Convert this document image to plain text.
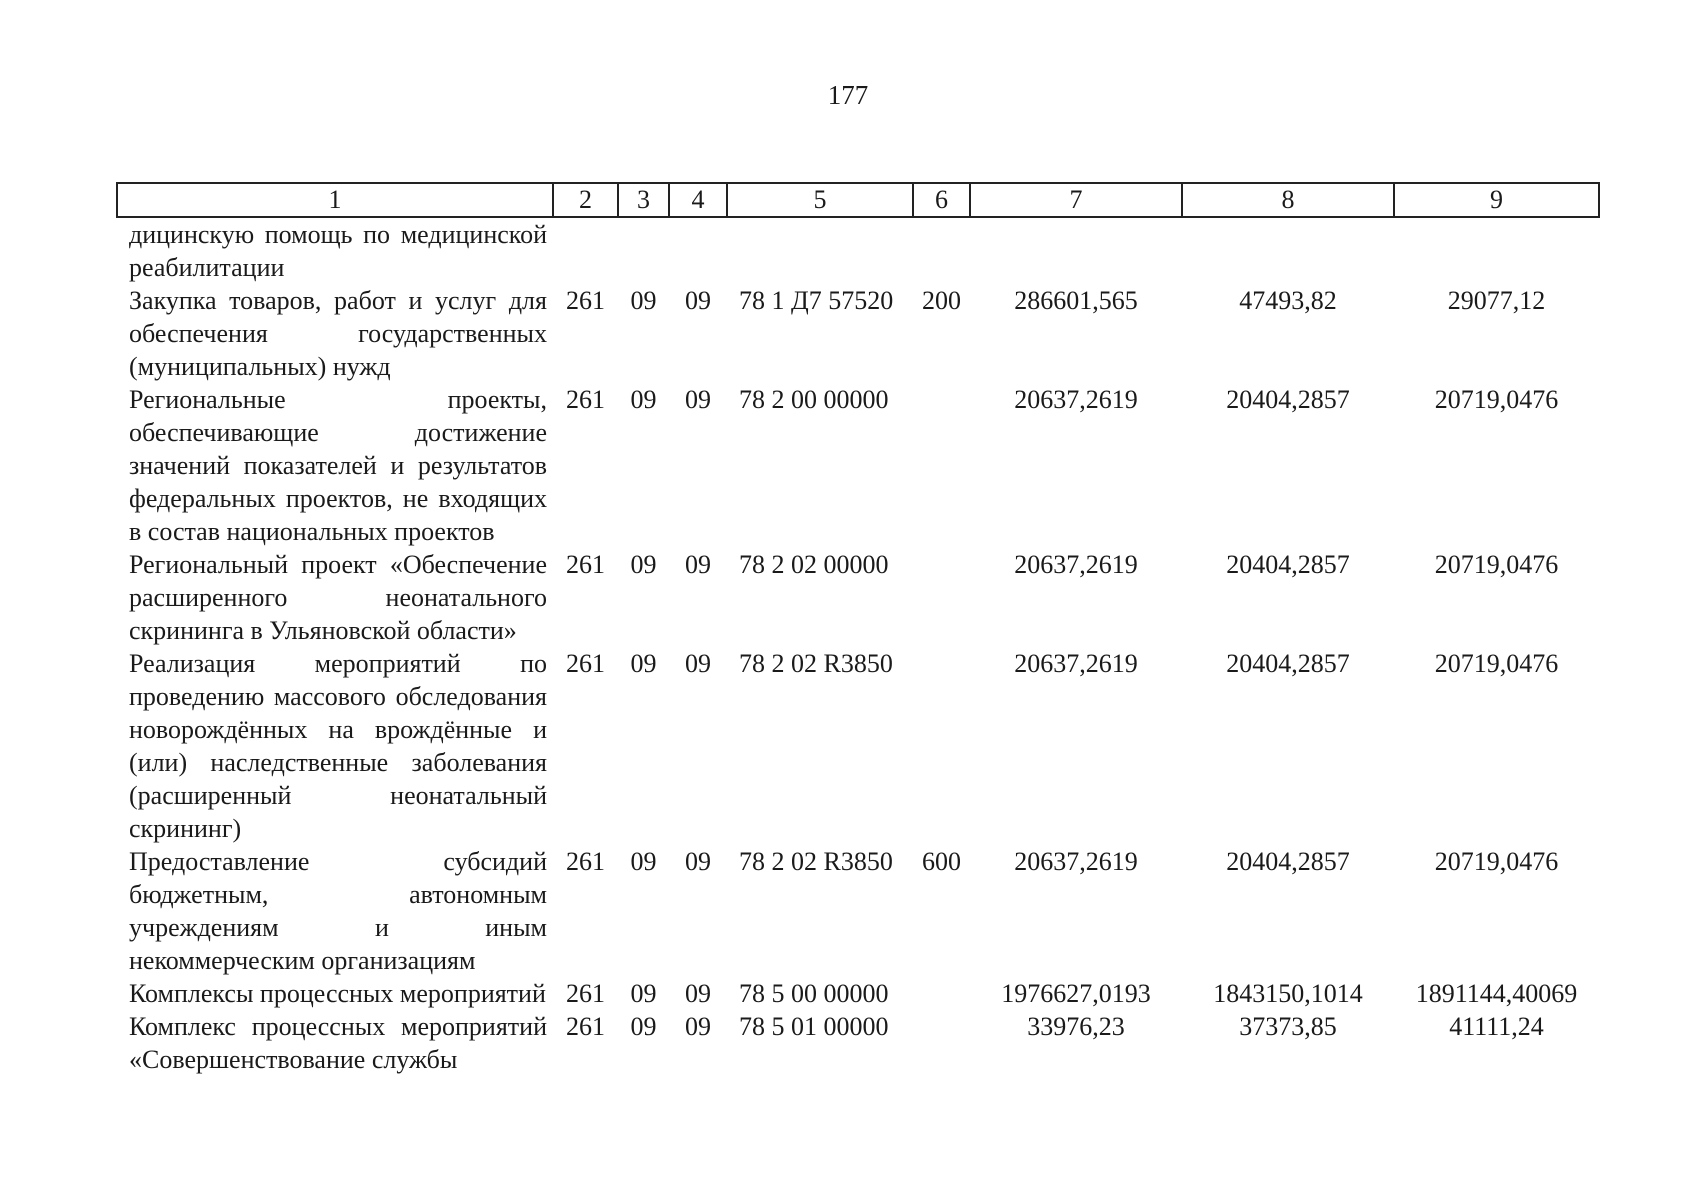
177
1	2	3	4	5	6	7	8	9
дицинскую помощь по медицинской реабилитации								
Закупка товаров, работ и услуг для обеспечения государственных (муниципальных) нужд	261	09	09	78 1 Д7 57520	200	286601,565	47493,82	29077,12
Региональные проекты, обеспечивающие достижение значений показателей и результатов федеральных проектов, не входящих в состав национальных проектов	261	09	09	78 2 00 00000		20637,2619	20404,2857	20719,0476
Региональный проект «Обеспечение расширенного неонатального скрининга в Ульяновской области»	261	09	09	78 2 02 00000		20637,2619	20404,2857	20719,0476
Реализация мероприятий по проведению массового обследования новорождённых на врождённые и (или) наследственные заболевания (расширенный неонатальный скрининг)	261	09	09	78 2 02 R3850		20637,2619	20404,2857	20719,0476
Предоставление субсидий бюджетным, автономным учреждениям и иным некоммерческим организациям	261	09	09	78 2 02 R3850	600	20637,2619	20404,2857	20719,0476
Комплексы процессных мероприятий	261	09	09	78 5 00 00000		1976627,0193	1843150,1014	1891144,40069
Комплекс процессных мероприятий «Совершенствование службы	261	09	09	78 5 01 00000		33976,23	37373,85	41111,24
